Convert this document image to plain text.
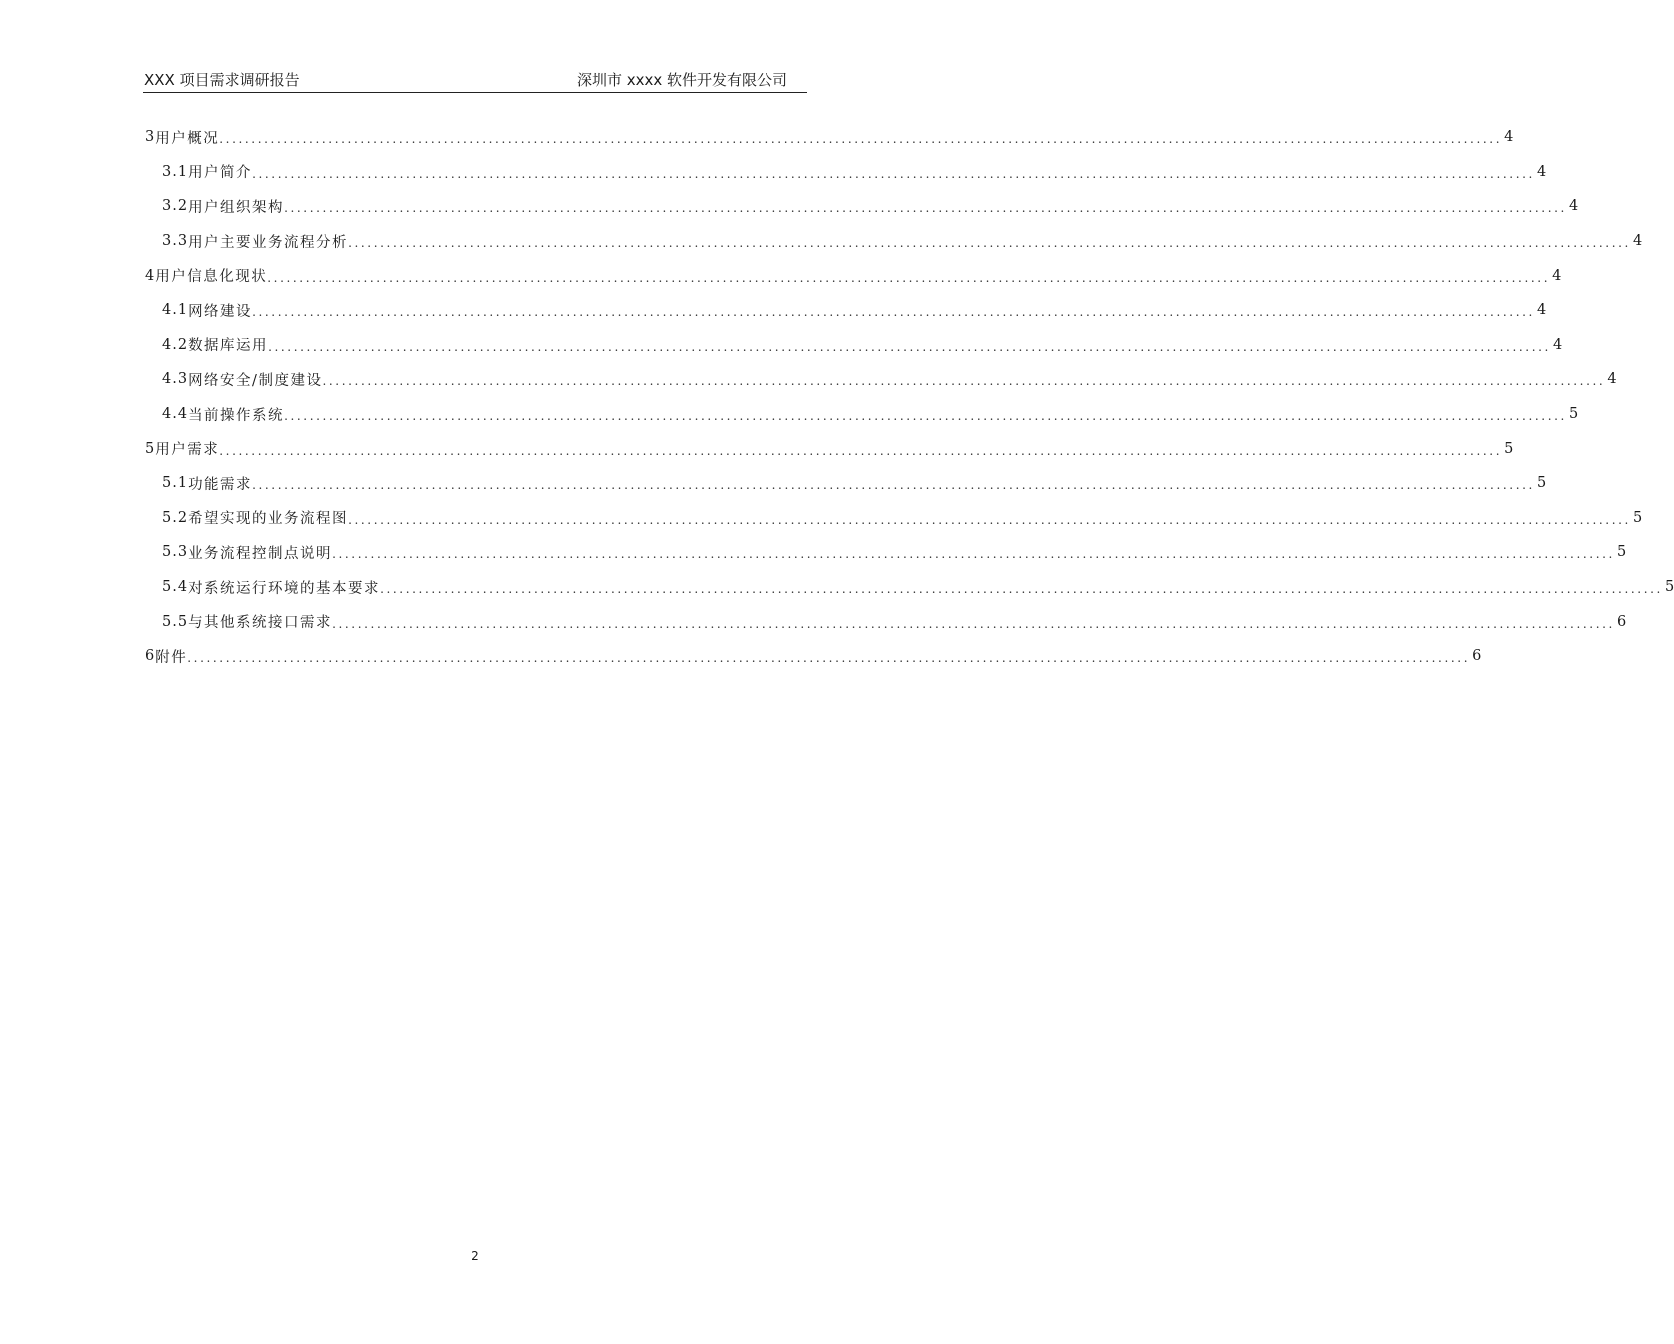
XXX 项目需求调研报告	深圳市 xxxx 软件开发有限公司
3 用户概况 ........................................................................................................................................................................................................ 4
3.1 用户简介 ........................................................................................................................................................................................................ 4
3.2 用户组织架构 ........................................................................................................................................................................................................ 4
3.3 用户主要业务流程分析 ........................................................................................................................................................................................................ 4
4 用户信息化现状 ........................................................................................................................................................................................................ 4
4.1 网络建设 ........................................................................................................................................................................................................ 4
4.2 数据库运用 ........................................................................................................................................................................................................ 4
4.3 网络安全/制度建设 ........................................................................................................................................................................................................ 4
4.4 当前操作系统 ........................................................................................................................................................................................................ 5
5 用户需求 ........................................................................................................................................................................................................ 5
5.1 功能需求 ........................................................................................................................................................................................................ 5
5.2 希望实现的业务流程图 ........................................................................................................................................................................................................ 5
5.3 业务流程控制点说明 ........................................................................................................................................................................................................ 5
5.4 对系统运行环境的基本要求 ........................................................................................................................................................................................................ 5
5.5 与其他系统接口需求 ........................................................................................................................................................................................................ 6
6 附件 ........................................................................................................................................................................................................ 6
2
